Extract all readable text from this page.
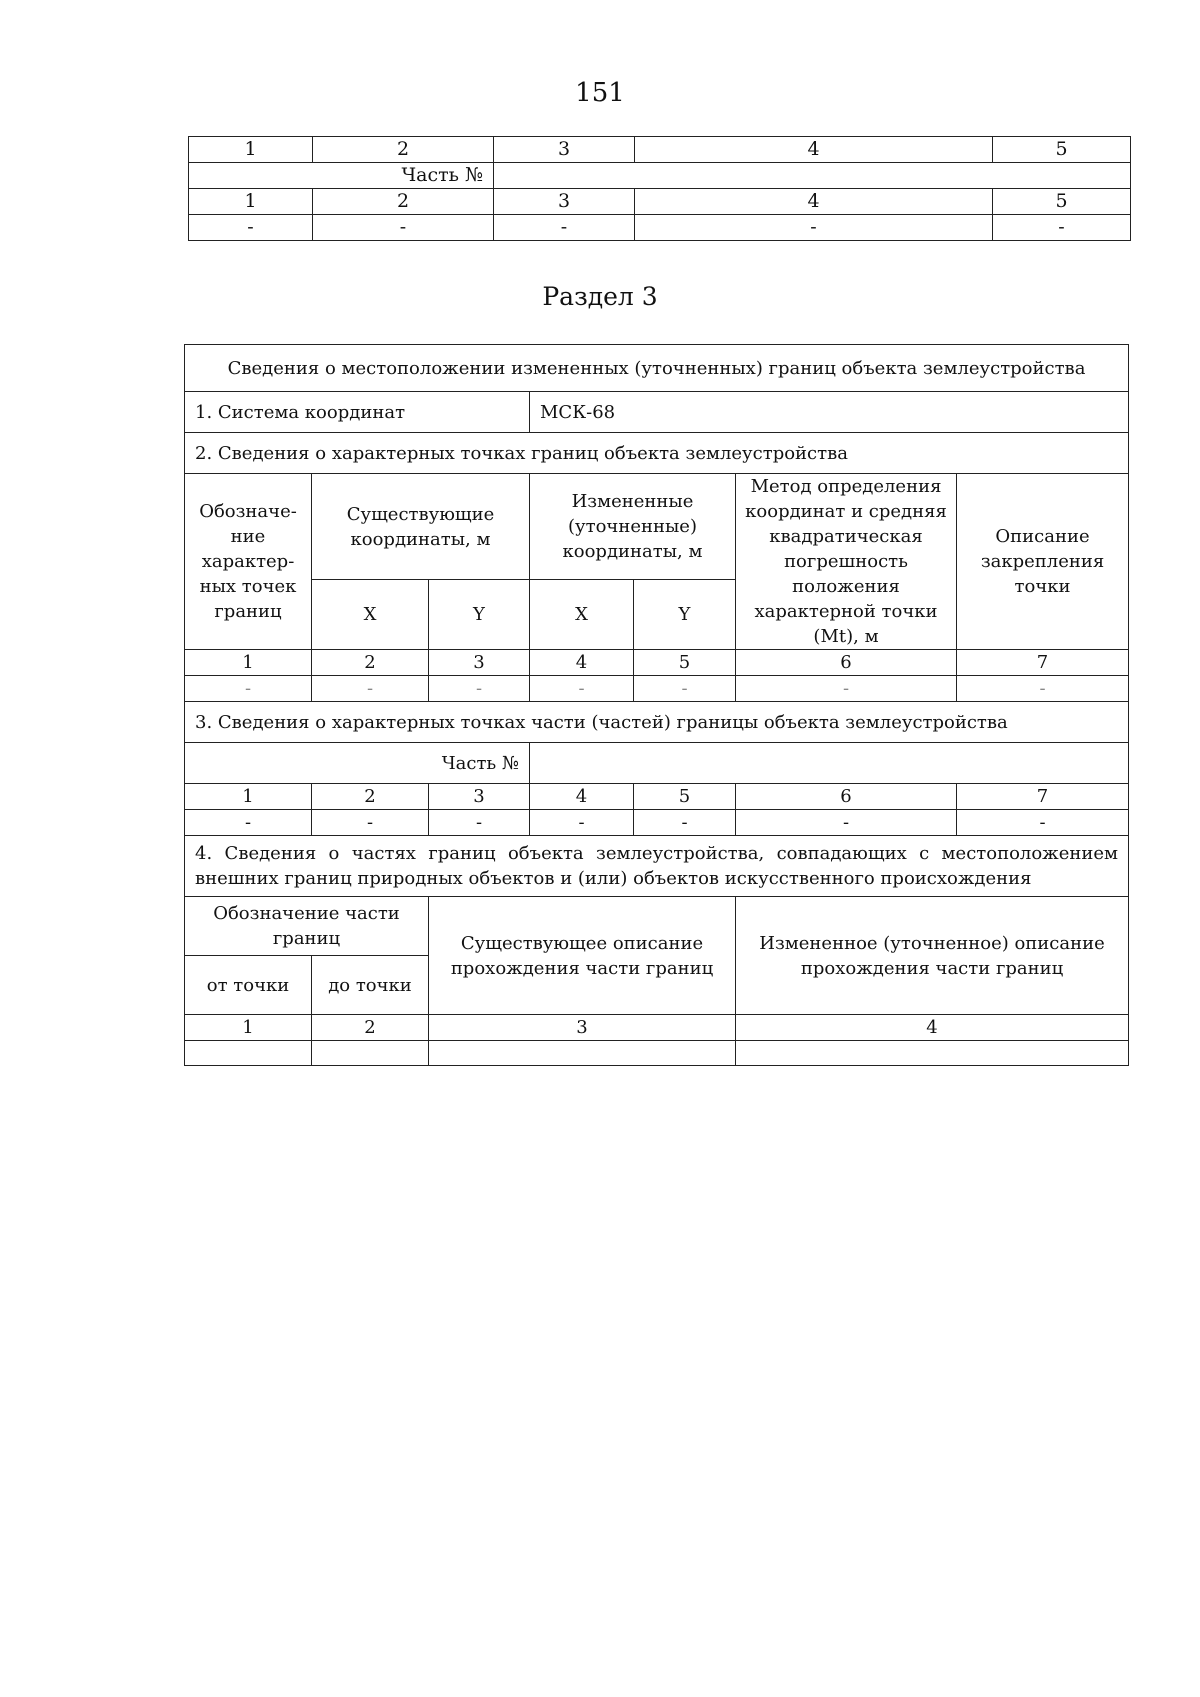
151
1	2	3	4	5
Часть №				
1	2	3	4	5
-	-	-	-	-
Раздел 3
Сведения о местоположении измененных (уточненных) границ объекта землеустройства						
1. Система координат			МСК-68			
2. Сведения о характерных точках границ объекта землеустройства						
Обозначе-ние характер-ных точек границ	Существующие координаты, м		Измененные (уточненные) координаты, м		Метод определения координат и средняя квадратическая погрешность положения характерной точки (Mt), м	Описание закрепления точки
	X	Y	X	Y		
1	2	3	4	5	6	7
-	-	-	-	-	-	-
3. Сведения о характерных точках части (частей) границы объекта землеустройства						
Часть №						
1	2	3	4	5	6	7
-	-	-	-	-	-	-
4. Сведения о частях границ объекта землеустройства, совпадающих с местоположением внешних границ природных объектов и (или) объектов искусственного происхождения						
Обозначение части границ		Существующее описание прохождения части границ			Измененное (уточненное) описание прохождения части границ	
от точки	до точки					
1	2	3			4	
